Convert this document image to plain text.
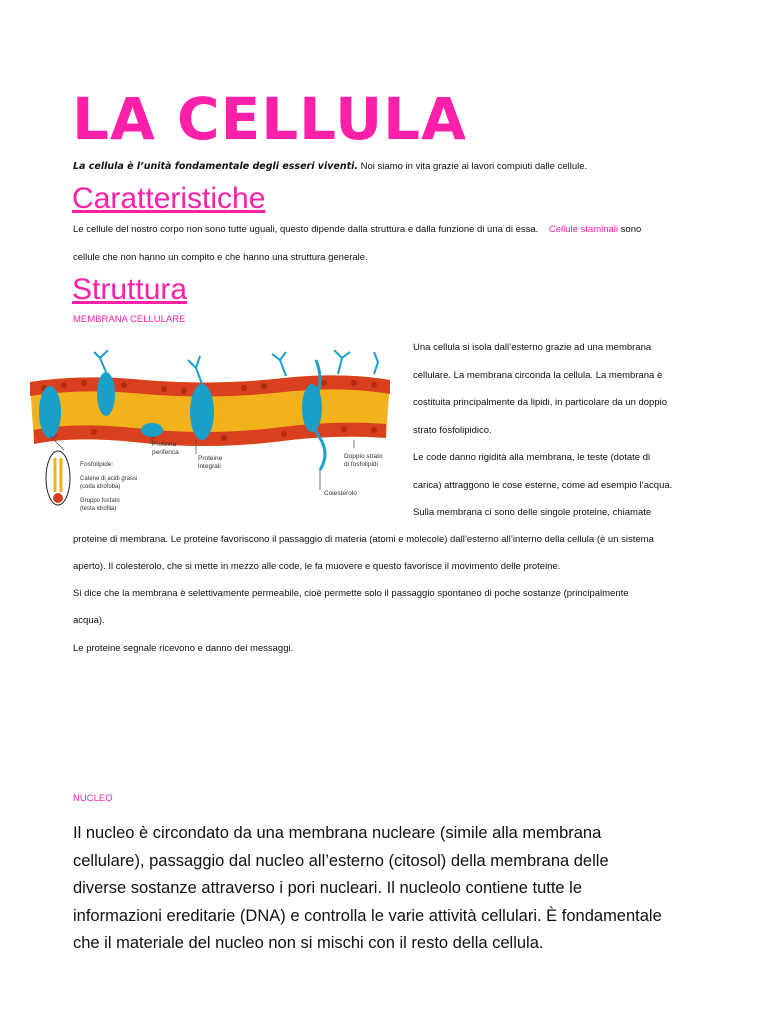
LA CELLULA
La cellula è l’unità fondamentale degli esseri viventi. Noi siamo in vita grazie ai lavori compiuti dalle cellule.
Caratteristiche
Le cellule del nostro corpo non sono tutte uguali, questo dipende dalla struttura e dalla funzione di una di essa. Cellule staminali sono
cellule che non hanno un compito e che hanno una struttura generale.
Struttura
MEMBRANA CELLULARE
Fosfolipide:
Catene di acidi grassi
(coda idrofoba)
Gruppo fosfato
(testa idrofila)
Proteina
periferica
Proteine
integrali
Doppio strato
di fosfolipidi
Colesterolo
Una cellula si isola dall’esterno grazie ad una membrana
cellulare. La membrana circonda la cellula. La membrana è
costituita principalmente da lipidi, in particolare da un doppio
strato fosfolipidico.
Le code danno rigidità alla membrana, le teste (dotate di
carica) attraggono le cose esterne, come ad esempio l’acqua.
Sulla membrana ci sono delle singole proteine, chiamate
proteine di membrana. Le proteine favoriscono il passaggio di materia (atomi e molecole) dall’esterno all’interno della cellula (è un sistema
aperto). Il colesterolo, che si mette in mezzo alle code, le fa muovere e questo favorisce il movimento delle proteine.
Si dice che la membrana è selettivamente permeabile, cioè permette solo il passaggio spontaneo di poche sostanze (principalmente
acqua).
Le proteine segnale ricevono e danno dei messaggi.
NUCLEO

Il nucleo è circondato da una membrana nucleare (simile alla membrana

cellulare), passaggio dal nucleo all’esterno (citosol) della membrana delle

diverse sostanze attraverso i pori nucleari. Il nucleolo contiene tutte le

informazioni ereditarie (DNA) e controlla le varie attività cellulari. È fondamentale

che il materiale del nucleo non si mischi con il resto della cellula.
